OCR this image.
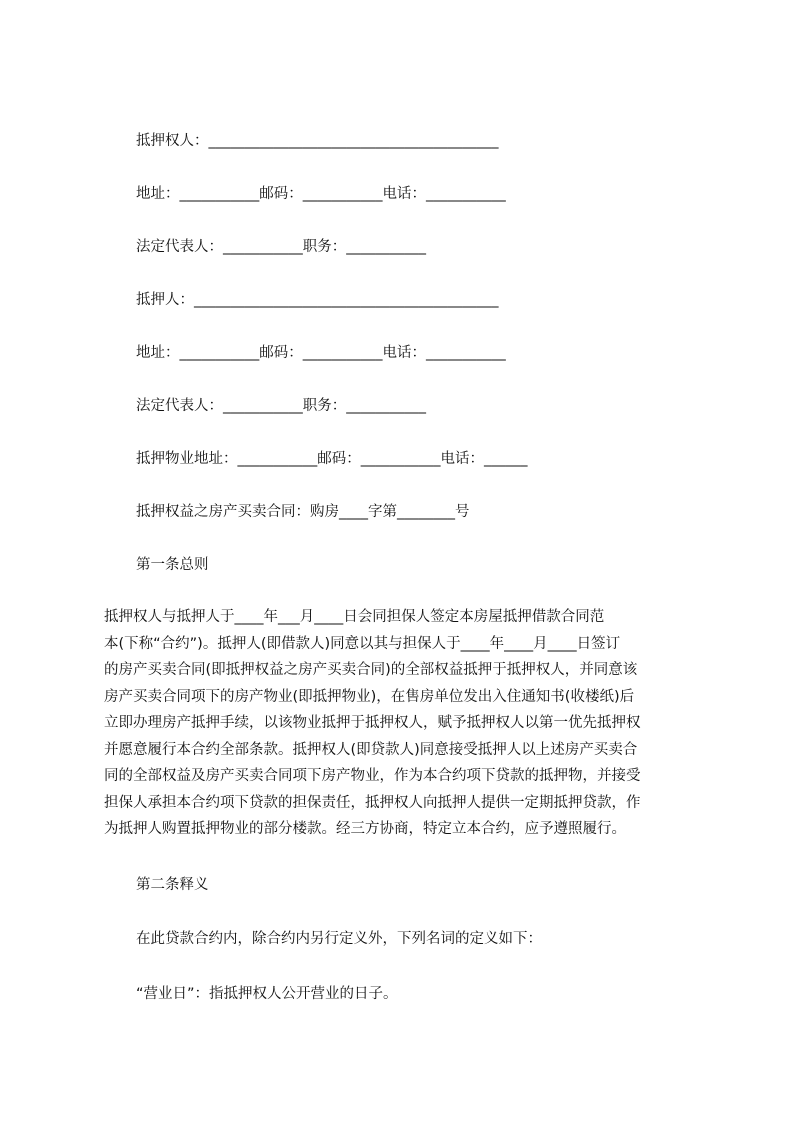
抵押权人：________________________________________
地址：___________邮码：___________电话：___________
法定代表人：___________职务：___________
抵押人：__________________________________________
地址：___________邮码：___________电话：___________
法定代表人：___________职务：___________
抵押物业地址：___________邮码：___________电话：______
抵押权益之房产买卖合同：购房____字第________号
第一条总则
抵押权人与抵押人于____年___月____日会同担保人签定本房屋抵押借款合同范
本(下称“合约”)。抵押人(即借款人)同意以其与担保人于____年____月____日签订
的房产买卖合同(即抵押权益之房产买卖合同)的全部权益抵押于抵押权人，并同意该
房产买卖合同项下的房产物业(即抵押物业)，在售房单位发出入住通知书(收楼纸)后
立即办理房产抵押手续，以该物业抵押于抵押权人，赋予抵押权人以第一优先抵押权
并愿意履行本合约全部条款。抵押权人(即贷款人)同意接受抵押人以上述房产买卖合
同的全部权益及房产买卖合同项下房产物业，作为本合约项下贷款的抵押物，并接受
担保人承担本合约项下贷款的担保责任，抵押权人向抵押人提供一定期抵押贷款，作
为抵押人购置抵押物业的部分楼款。经三方协商，特定立本合约，应予遵照履行。
第二条释义
在此贷款合约内，除合约内另行定义外，下列名词的定义如下：
“营业日”：指抵押权人公开营业的日子。
